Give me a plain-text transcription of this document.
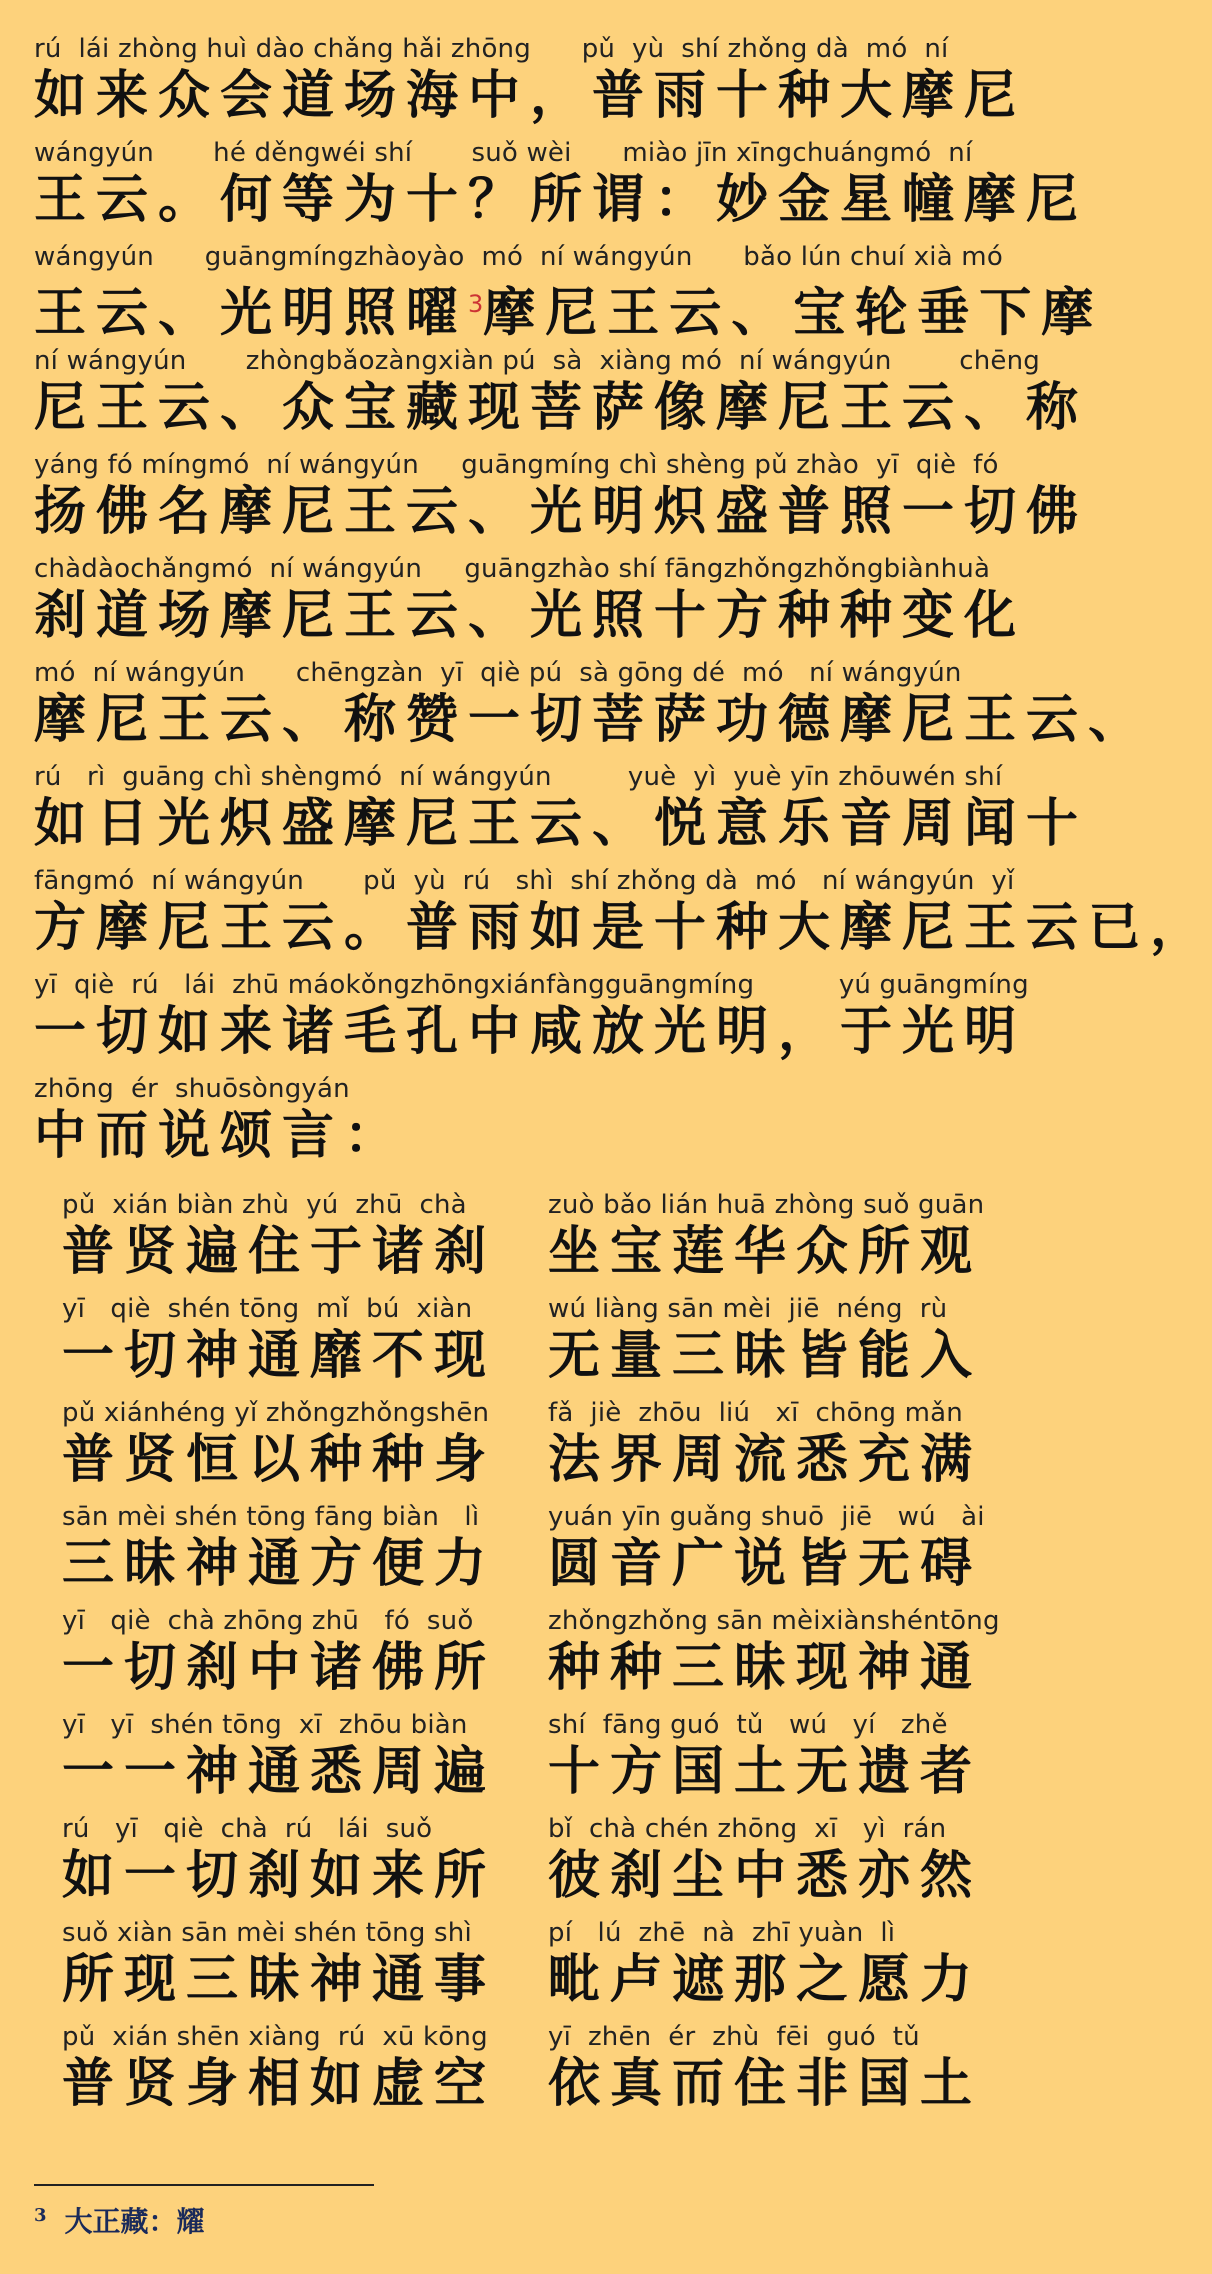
rú  lái zhòng huì dào chǎng hǎi zhōng      pǔ  yù  shí zhǒng dà  mó  ní
如来众会道场海中，普雨十种大摩尼
wángyún       hé děngwéi shí       suǒ wèi      miào jīn xīngchuángmó  ní
王云。何等为十？所谓：妙金星幢摩尼
wángyún      guāngmíngzhàoyào  mó  ní wángyún      bǎo lún chuí xià mó
王云、光明照曜$^3$摩尼王云、宝轮垂下摩
ní wángyún       zhòngbǎozàngxiàn pú  sà  xiàng mó  ní wángyún        chēng
尼王云、众宝藏现菩萨像摩尼王云、称
yáng fó míngmó  ní wángyún     guāngmíng chì shèng pǔ zhào  yī  qiè  fó
扬佛名摩尼王云、光明炽盛普照一切佛
chàdàochǎngmó  ní wángyún     guāngzhào shí fāngzhǒngzhǒngbiànhuà
刹道场摩尼王云、光照十方种种变化
mó  ní wángyún      chēngzàn  yī  qiè pú  sà gōng dé  mó   ní wángyún
摩尼王云、称赞一切菩萨功德摩尼王云、
rú   rì  guāng chì shèngmó  ní wángyún         yuè  yì  yuè yīn zhōuwén shí
如日光炽盛摩尼王云、悦意乐音周闻十
fāngmó  ní wángyún       pǔ  yù  rú   shì  shí zhǒng dà  mó   ní wángyún  yǐ
方摩尼王云。普雨如是十种大摩尼王云已，
yī  qiè  rú   lái  zhū máokǒngzhōngxiánfàngguāngmíng          yú guāngmíng
一切如来诸毛孔中咸放光明，于光明
zhōng  ér  shuōsòngyán
中而说颂言：
pǔ  xián biàn zhù  yú  zhū  chà
普贤遍住于诸刹
zuò bǎo lián huā zhòng suǒ guān
坐宝莲华众所观
yī   qiè  shén tōng  mǐ  bú  xiàn
一切神通靡不现
wú liàng sān mèi  jiē  néng  rù
无量三昧皆能入
pǔ xiánhéng yǐ zhǒngzhǒngshēn
普贤恒以种种身
fǎ  jiè  zhōu  liú   xī  chōng mǎn
法界周流悉充满
sān mèi shén tōng fāng biàn   lì
三昧神通方便力
yuán yīn guǎng shuō  jiē   wú   ài
圆音广说皆无碍
yī   qiè  chà zhōng zhū   fó  suǒ
一切刹中诸佛所
zhǒngzhǒng sān mèixiànshéntōng
种种三昧现神通
yī   yī  shén tōng  xī  zhōu biàn
一一神通悉周遍
shí  fāng guó  tǔ   wú   yí   zhě
十方国土无遗者
rú   yī   qiè  chà  rú   lái  suǒ
如一切刹如来所
bǐ  chà chén zhōng  xī   yì  rán
彼刹尘中悉亦然
suǒ xiàn sān mèi shén tōng shì
所现三昧神通事
pí   lú  zhē  nà  zhī yuàn  lì
毗卢遮那之愿力
pǔ  xián shēn xiàng  rú  xū kōng
普贤身相如虚空
yī  zhēn  ér  zhù  fēi  guó  tǔ
依真而住非国土
$^3$ 大正藏：耀
